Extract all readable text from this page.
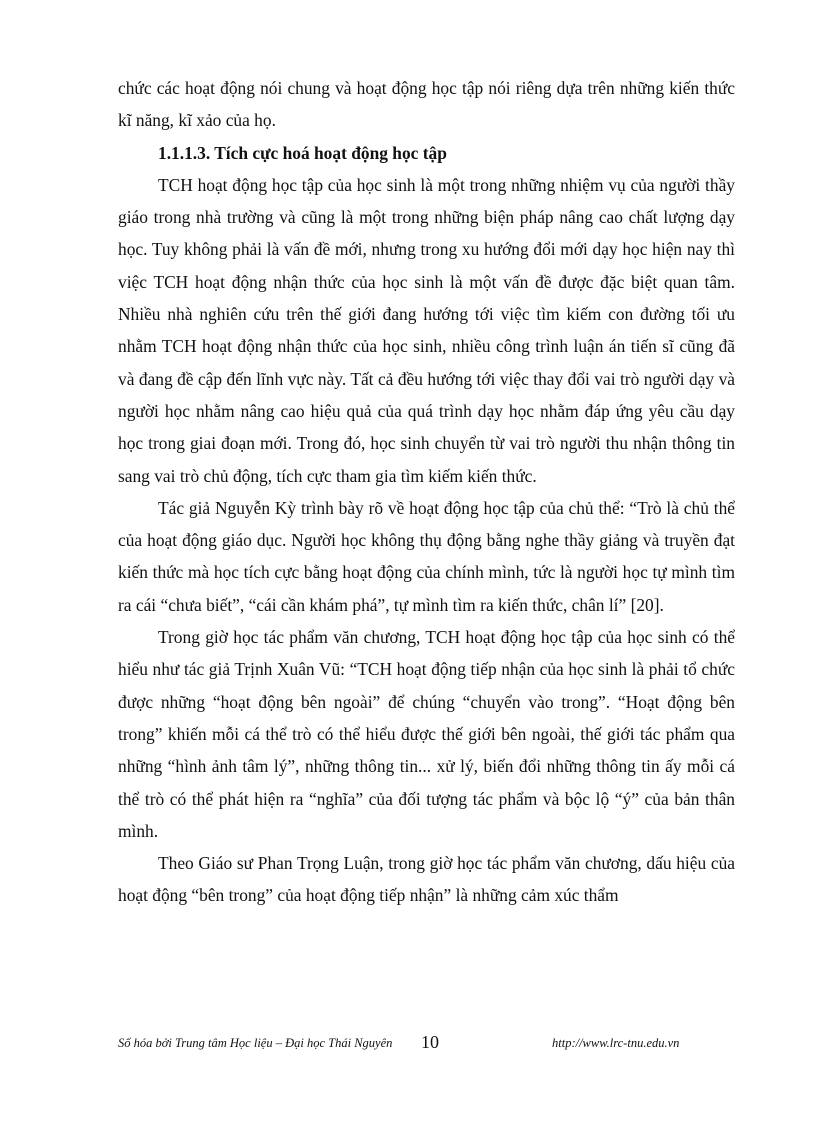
chức các hoạt động nói chung và hoạt động học tập nói riêng dựa trên những kiến thức kĩ năng, kĩ xảo của họ.

1.1.1.3. Tích cực hoá hoạt động học tập

TCH hoạt động học tập của học sinh là một trong những nhiệm vụ của người thầy giáo trong nhà trường và cũng là một trong những biện pháp nâng cao chất lượng dạy học. Tuy không phải là vấn đề mới, nhưng trong xu hướng đổi mới dạy học hiện nay thì việc TCH hoạt động nhận thức của học sinh là một vấn đề được đặc biệt quan tâm. Nhiều nhà nghiên cứu trên thế giới đang hướng tới việc tìm kiếm con đường tối ưu nhằm TCH hoạt động nhận thức của học sinh, nhiều công trình luận án tiến sĩ cũng đã và đang đề cập đến lĩnh vực này. Tất cả đều hướng tới việc thay đổi vai trò người dạy và người học nhằm nâng cao hiệu quả của quá trình dạy học nhằm đáp ứng yêu cầu dạy học trong giai đoạn mới. Trong đó, học sinh chuyển từ vai trò người thu nhận thông tin sang vai trò chủ động, tích cực tham gia tìm kiếm kiến thức.

Tác giả Nguyễn Kỳ trình bày rõ về hoạt động học tập của chủ thể: “Trò là chủ thể của hoạt động giáo dục. Người học không thụ động bằng nghe thầy giảng và truyền đạt kiến thức mà học tích cực bằng hoạt động của chính mình, tức là người học tự mình tìm ra cái “chưa biết”, “cái cần khám phá”, tự mình tìm ra kiến thức, chân lí” [20].

Trong giờ học tác phẩm văn chương, TCH hoạt động học tập của học sinh có thể hiểu như tác giả Trịnh Xuân Vũ: “TCH hoạt động tiếp nhận của học sinh là phải tổ chức được những “hoạt động bên ngoài” để chúng “chuyển vào trong”. “Hoạt động bên trong” khiến mỗi cá thể trò có thể hiểu được thế giới bên ngoài, thế giới tác phẩm qua những “hình ảnh tâm lý”, những thông tin... xử lý, biến đổi những thông tin ấy mỗi cá thể trò có thể phát hiện ra “nghĩa” của đối tượng tác phẩm và bộc lộ “ý” của bản thân mình.

Theo Giáo sư Phan Trọng Luận, trong giờ học tác phẩm văn chương, dấu hiệu của hoạt động “bên trong” của hoạt động tiếp nhận” là những cảm xúc thẩm

Số hóa bởi Trung tâm Học liệu – Đại học Thái Nguyên 10	http://www.lrc-tnu.edu.vn
